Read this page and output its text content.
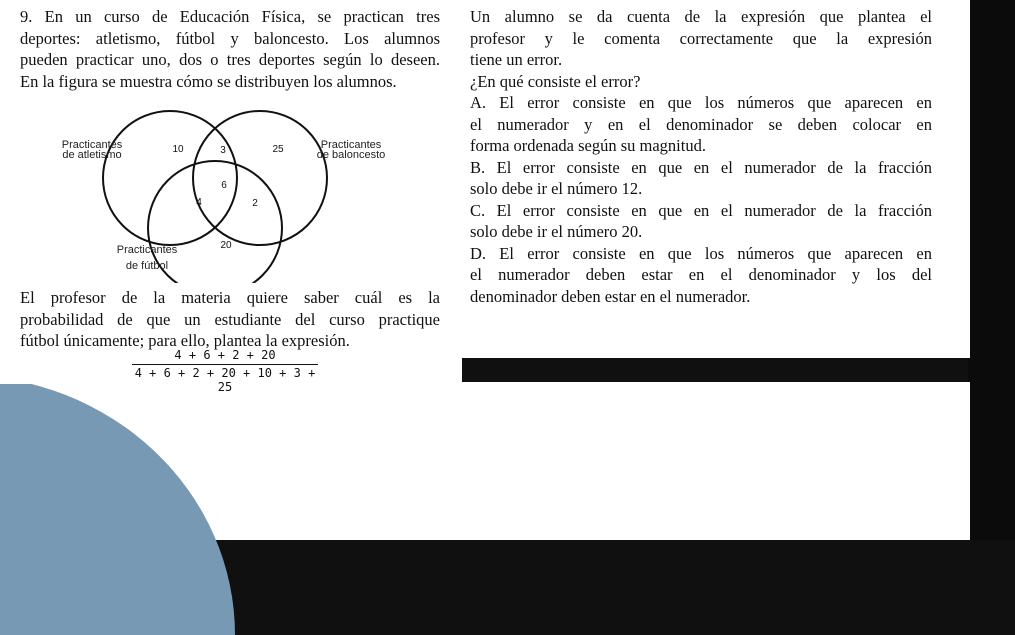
9. En un curso de Educación Física, se practican tres

deportes: atletismo, fútbol y baloncesto. Los alumnos

pueden practicar uno, dos o tres deportes según lo deseen.

En la figura se muestra cómo se distribuyen los alumnos.

Practicantes
de atletismo
Practicantes
de baloncesto
Practicantes
de fútbol
10	3	25
6
4	2
20

El profesor de la materia quiere saber cuál es la

probabilidad de que un estudiante del curso practique

fútbol únicamente; para ello, plantea la expresión.

$\frac{4 + 6 + 2 + 20}{4 + 6 + 2 + 20 + 10 + 3 + 25}$

Un alumno se da cuenta de la expresión que plantea el

profesor y le comenta correctamente que la expresión

tiene un error.

¿En qué consiste el error?

A. El error consiste en que los números que aparecen en

el numerador y en el denominador se deben colocar en

forma ordenada según su magnitud.

B. El error consiste en que en el numerador de la fracción

solo debe ir el número 12.

C. El error consiste en que en el numerador de la fracción

solo debe ir el número 20.

D. El error consiste en que los números que aparecen en

el numerador deben estar en el denominador y los del

denominador deben estar en el numerador.
